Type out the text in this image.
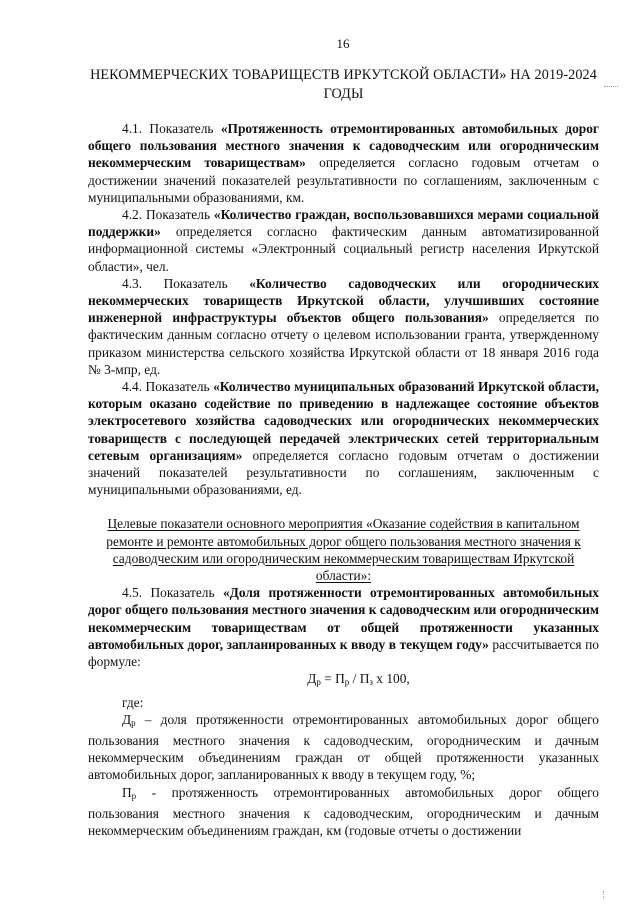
16
НЕКОММЕРЧЕСКИХ ТОВАРИЩЕСТВ ИРКУТСКОЙ ОБЛАСТИ» НА 2019-2024 ГОДЫ

4.1. Показатель «Протяженность отремонтированных автомобильных дорог общего пользования местного значения к садоводческим или огородническим некоммерческим товариществам» определяется согласно годовым отчетам о достижении значений показателей результативности по соглашениям, заключенным с муниципальными образованиями, км.

4.2. Показатель «Количество граждан, воспользовавшихся мерами социальной поддержки» определяется согласно фактическим данным автоматизированной информационной системы «Электронный социальный регистр населения Иркутской области», чел.

4.3. Показатель «Количество садоводческих или огороднических некоммерческих товариществ Иркутской области, улучшивших состояние инженерной инфраструктуры объектов общего пользования» определяется по фактическим данным согласно отчету о целевом использовании гранта, утвержденному приказом министерства сельского хозяйства Иркутской области от 18 января 2016 года № 3-мпр, ед.

4.4. Показатель «Количество муниципальных образований Иркутской области, которым оказано содействие по приведению в надлежащее состояние объектов электросетевого хозяйства садоводческих или огороднических некоммерческих товариществ с последующей передачей электрических сетей территориальным сетевым организациям» определяется согласно годовым отчетам о достижении значений показателей результативности по соглашениям, заключенным с муниципальными образованиями, ед.

Целевые показатели основного мероприятия «Оказание содействия в капитальном ремонте и ремонте автомобильных дорог общего пользования местного значения к садоводческим или огородническим некоммерческим товариществам Иркутской области»:

4.5. Показатель «Доля протяженности отремонтированных автомобильных дорог общего пользования местного значения к садоводческим или огородническим некоммерческим товариществам от общей протяженности указанных автомобильных дорог, запланированных к вводу в текущем году» рассчитывается по формуле:

$Д_р = П_р / П_з$ х 100,

где:

$Д_р$ – доля протяженности отремонтированных автомобильных дорог общего пользования местного значения к садоводческим, огородническим и дачным некоммерческим объединениям граждан от общей протяженности указанных автомобильных дорог, запланированных к вводу в текущем году, %;

$П_р$ - протяженность отремонтированных автомобильных дорог общего пользования местного значения к садоводческим, огородническим и дачным некоммерческим объединениям граждан, км (годовые отчеты о достижении
